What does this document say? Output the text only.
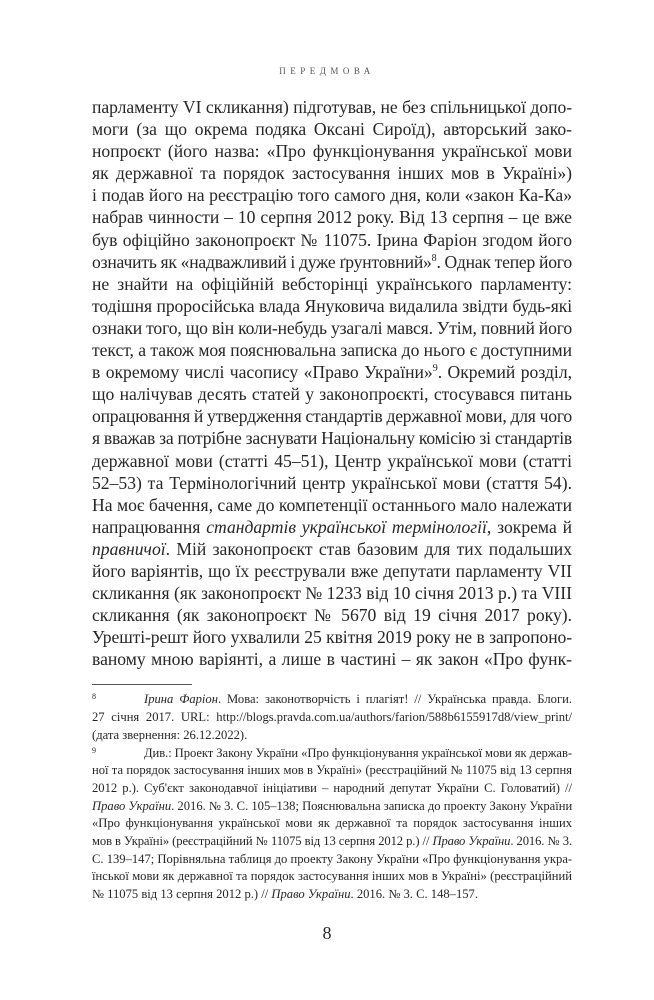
ПЕРЕДМОВА
парламенту VI скликання) підготував, не без спільницької допо-
моги (за що окрема подяка Оксані Сироїд), авторський зако-
нопроєкт (його назва: «Про функціонування української мови
як державної та порядок застосування інших мов в Україні»)
і подав його на реєстрацію того самого дня, коли «закон Ка-Ка»
набрав чинности – 10 серпня 2012 року. Від 13 серпня – це вже
був офіційно законопроєкт № 11075. Ірина Фаріон згодом його
означить як «надважливий і дуже ґрунтовний»$^8$. Однак тепер його
не знайти на офіційній вебсторінці українського парламенту:
тодішня проросійська влада Януковича видалила звідти будь-які
ознаки того, що він коли-небудь узагалі мався. Утім, повний його
текст, а також моя пояснювальна записка до нього є доступними
в окремому числі часопису «Право України»$^9$. Окремий розділ,
що налічував десять статей у законопроєкті, стосувався питань
опрацювання й утвердження стандартів державної мови, для чого
я вважав за потрібне заснувати Національну комісію зі стандартів
державної мови (статті 45–51), Центр української мови (статті
52–53) та Термінологічний центр української мови (стаття 54).
На моє бачення, саме до компетенції останнього мало належати
напрацювання стандартів української термінології, зокрема й
правничої. Мій законопроєкт став базовим для тих подальших
його варіянтів, що їх реєстрували вже депутати парламенту VII
скликання (як законопроєкт № 1233 від 10 січня 2013 р.) та VIII
скликання (як законопроєкт № 5670 від 19 січня 2017 року).
Урешті-решт його ухвалили 25 квітня 2019 року не в запропоно-
ваному мною варіянті, а лише в частині – як закон «Про функ-
8	Ірина Фаріон. Мова: законотворчість і плагіят! // Українська правда. Блоги.
27 січня 2017. URL: http://blogs.pravda.com.ua/authors/farion/588b6155917d8/view_print/
(дата звернення: 26.12.2022).
9	Див.: Проект Закону України «Про функціонування української мови як держав-
ної та порядок застосування інших мов в Україні» (реєстраційний № 11075 від 13 серпня
2012 р.). Суб'єкт законодавчої ініціативи – народний депутат України С. Головатий) //
Право України. 2016. № 3. С. 105–138; Пояснювальна записка до проекту Закону України
«Про функціонування української мови як державної та порядок застосування інших
мов в Україні» (реєстраційний № 11075 від 13 серпня 2012 р.) // Право України. 2016. № 3.
С. 139–147; Порівняльна таблиця до проекту Закону України «Про функціонування укра-
їнської мови як державної та порядок застосування інших мов в Україні» (реєстраційний
№ 11075 від 13 серпня 2012 р.) // Право України. 2016. № 3. С. 148–157.
8
